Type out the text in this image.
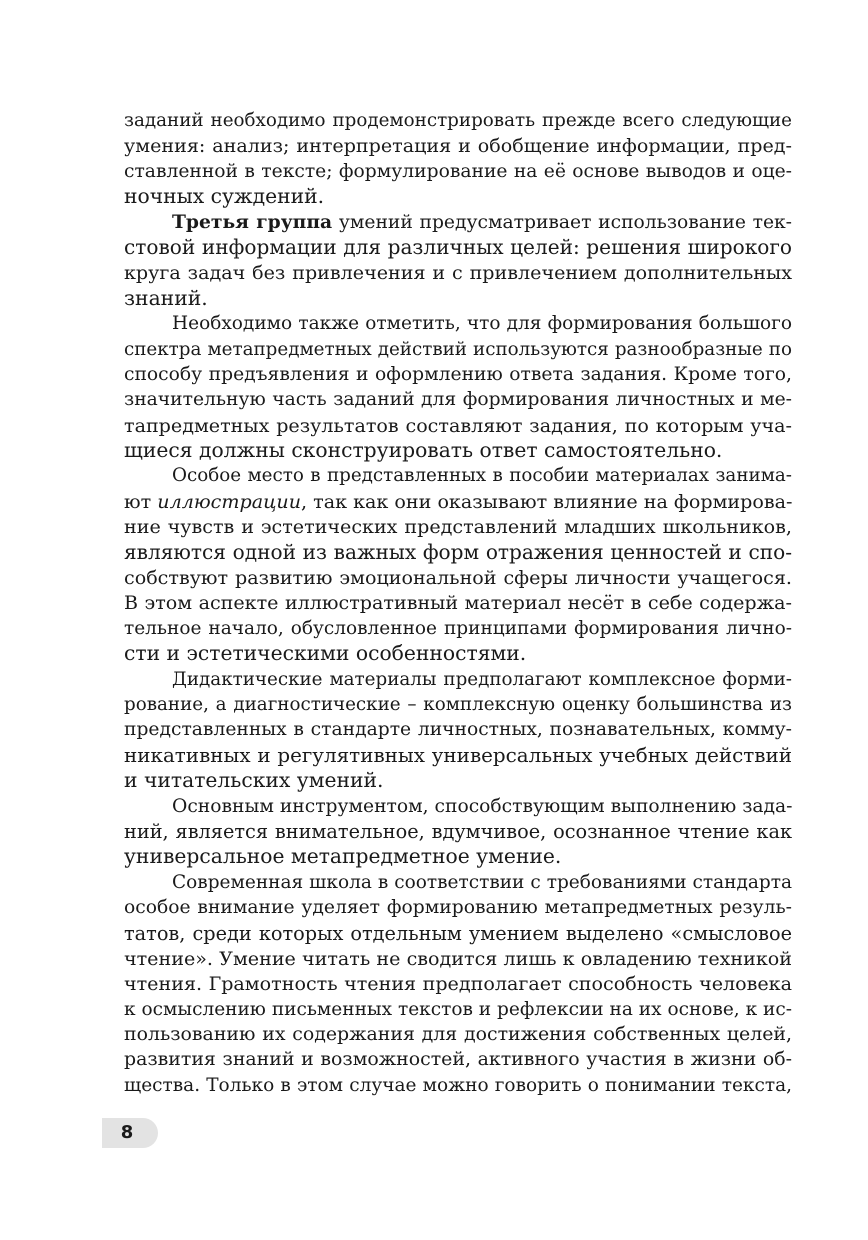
заданий необходимо продемонстрировать прежде всего следующие
умения: анализ; интерпретация и обобщение информации, пред-
ставленной в тексте; формулирование на её основе выводов и оце-
ночных суждений.
Третья группа умений предусматривает использование тек-
стовой информации для различных целей: решения широкого
круга задач без привлечения и с привлечением дополнительных
знаний.
Необходимо также отметить, что для формирования большого
спектра метапредметных действий используются разнообразные по
способу предъявления и оформлению ответа задания. Кроме того,
значительную часть заданий для формирования личностных и ме-
тапредметных результатов составляют задания, по которым уча-
щиеся должны сконструировать ответ самостоятельно.
Особое место в представленных в пособии материалах занима-
ют иллюстрации, так как они оказывают влияние на формирова-
ние чувств и эстетических представлений младших школьников,
являются одной из важных форм отражения ценностей и спо-
собствуют развитию эмоциональной сферы личности учащегося.
В этом аспекте иллюстративный материал несёт в себе содержа-
тельное начало, обусловленное принципами формирования лично-
сти и эстетическими особенностями.
Дидактические материалы предполагают комплексное форми-
рование, а диагностические – комплексную оценку большинства из
представленных в стандарте личностных, познавательных, комму-
никативных и регулятивных универсальных учебных действий
и читательских умений.
Основным инструментом, способствующим выполнению зада-
ний, является внимательное, вдумчивое, осознанное чтение как
универсальное метапредметное умение.
Современная школа в соответствии с требованиями стандарта
особое внимание уделяет формированию метапредметных резуль-
татов, среди которых отдельным умением выделено «смысловое
чтение». Умение читать не сводится лишь к овладению техникой
чтения. Грамотность чтения предполагает способность человека
к осмыслению письменных текстов и рефлексии на их основе, к ис-
пользованию их содержания для достижения собственных целей,
развития знаний и возможностей, активного участия в жизни об-
щества. Только в этом случае можно говорить о понимании текста,
8
